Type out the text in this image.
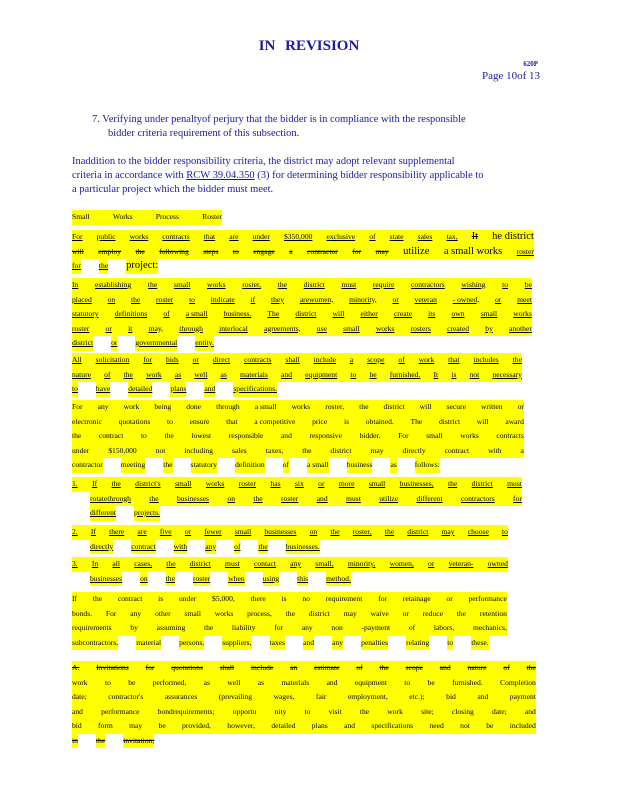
IN REVISION
620P
Page 10of 13
7. Verifying under penaltyof perjury that the bidder is in compliance with the responsible
bidder criteria requirement of this subsection.
Inaddition to the bidder responsibility criteria, the district may adopt relevant supplemental
criteria in accordance with RCW 39.04.350 (3) for determining bidder responsibility applicable to
a particular project which the bidder must meet.
Small	Works	Process	Roster
For public works contracts that are under $350,000 exclusive of state sales tax, It he district
will employ the following steps to engage a contractor for may utilize a small works roster
for the project:
In establishing the small works roster, the district must require contractors wishing to be
placed on the roster to indicate if they arewomen, minority, or veteran - owned, or meet
statutory definitions of a small business. The district will either create its own small works
roster or it may, through interlocal agreements, use small works rosters created by another
district or governmental entity.
All solicitation for bids or direct contracts shall include a scope of work that includes the
nature of the work as well as materials and equipment to be furnished. It is not necessary
to have detailed plans and specifications.
For any work being done through a small works roster, the district will secure written or
electronic quotations to ensure that a competitive price is obtained. The district will award
the contract to the lowest responsible and responsive bidder. For small works contracts
under $150,000 not including sales taxes, the district may directly contract with a
contractor meeting the statutory definition of a small business as follows:
1. If the district's small works roster has six or more small businesses, the district must
rotatethrough the businesses on the roster and must utilize different contractors for
different projects.
2. If there are five or fewer small businesses on the roster, the district may choose to
directly contract with any of the businesses.
3. In all cases, the district must contact any small, minority, women, or veteran- owned
businesses on the roster when using this method.
If the contract is under $5,000, there is no requirement for retainage or performance
bonds. For any other small works process, the district may waive or reduce the retention
requirements by assuming the liability for any non -payment of labors, mechanics,
subcontractors, material persons, suppliers, taxes and any penalties relating to these.
A. Invitations for quotations shall include an estimate of the scope and nature of the
work to be performed, as well as materials and equipment to be furnished. Completion
date;	contractor's	assurances	(prevailing	wages,	fair	employment,	etc.);	bid	and	payment
and performance bondrequirements; opportu nity to visit the work site; closing date; and
bid form may be provided, however, detailed plans and specifications need not be included
in the invitation;
